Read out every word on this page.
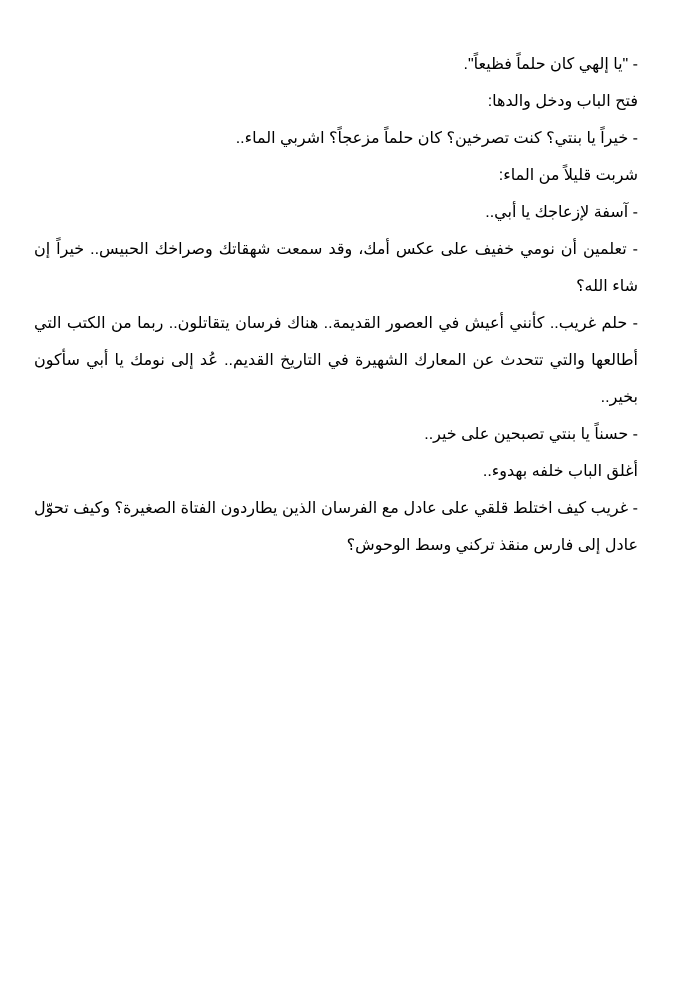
- "يا إلهي كان حلماً فظيعاً".

فتح الباب ودخل والدها:

- خيراً يا بنتي؟ كنت تصرخين؟ كان حلماً مزعجاً؟ اشربي الماء..

شربت قليلاً من الماء:

- آسفة لإزعاجك يا أبي..

- تعلمين أن نومي خفيف على عكس أمك، وقد سمعت شهقاتك وصراخك الحبيس.. خيراً إن شاء الله؟

- حلم غريب.. كأنني أعيش في العصور القديمة.. هناك فرسان يتقاتلون.. ربما من الكتب التي أطالعها والتي تتحدث عن المعارك الشهيرة في التاريخ القديم.. عُد إلى نومك يا أبي سأكون بخير..

- حسناً يا بنتي تصبحين على خير..

أغلق الباب خلفه بهدوء..

- غريب كيف اختلط قلقي على عادل مع الفرسان الذين يطاردون الفتاة الصغيرة؟ وكيف تحوّل عادل إلى فارس منقذ تركني وسط الوحوش؟
